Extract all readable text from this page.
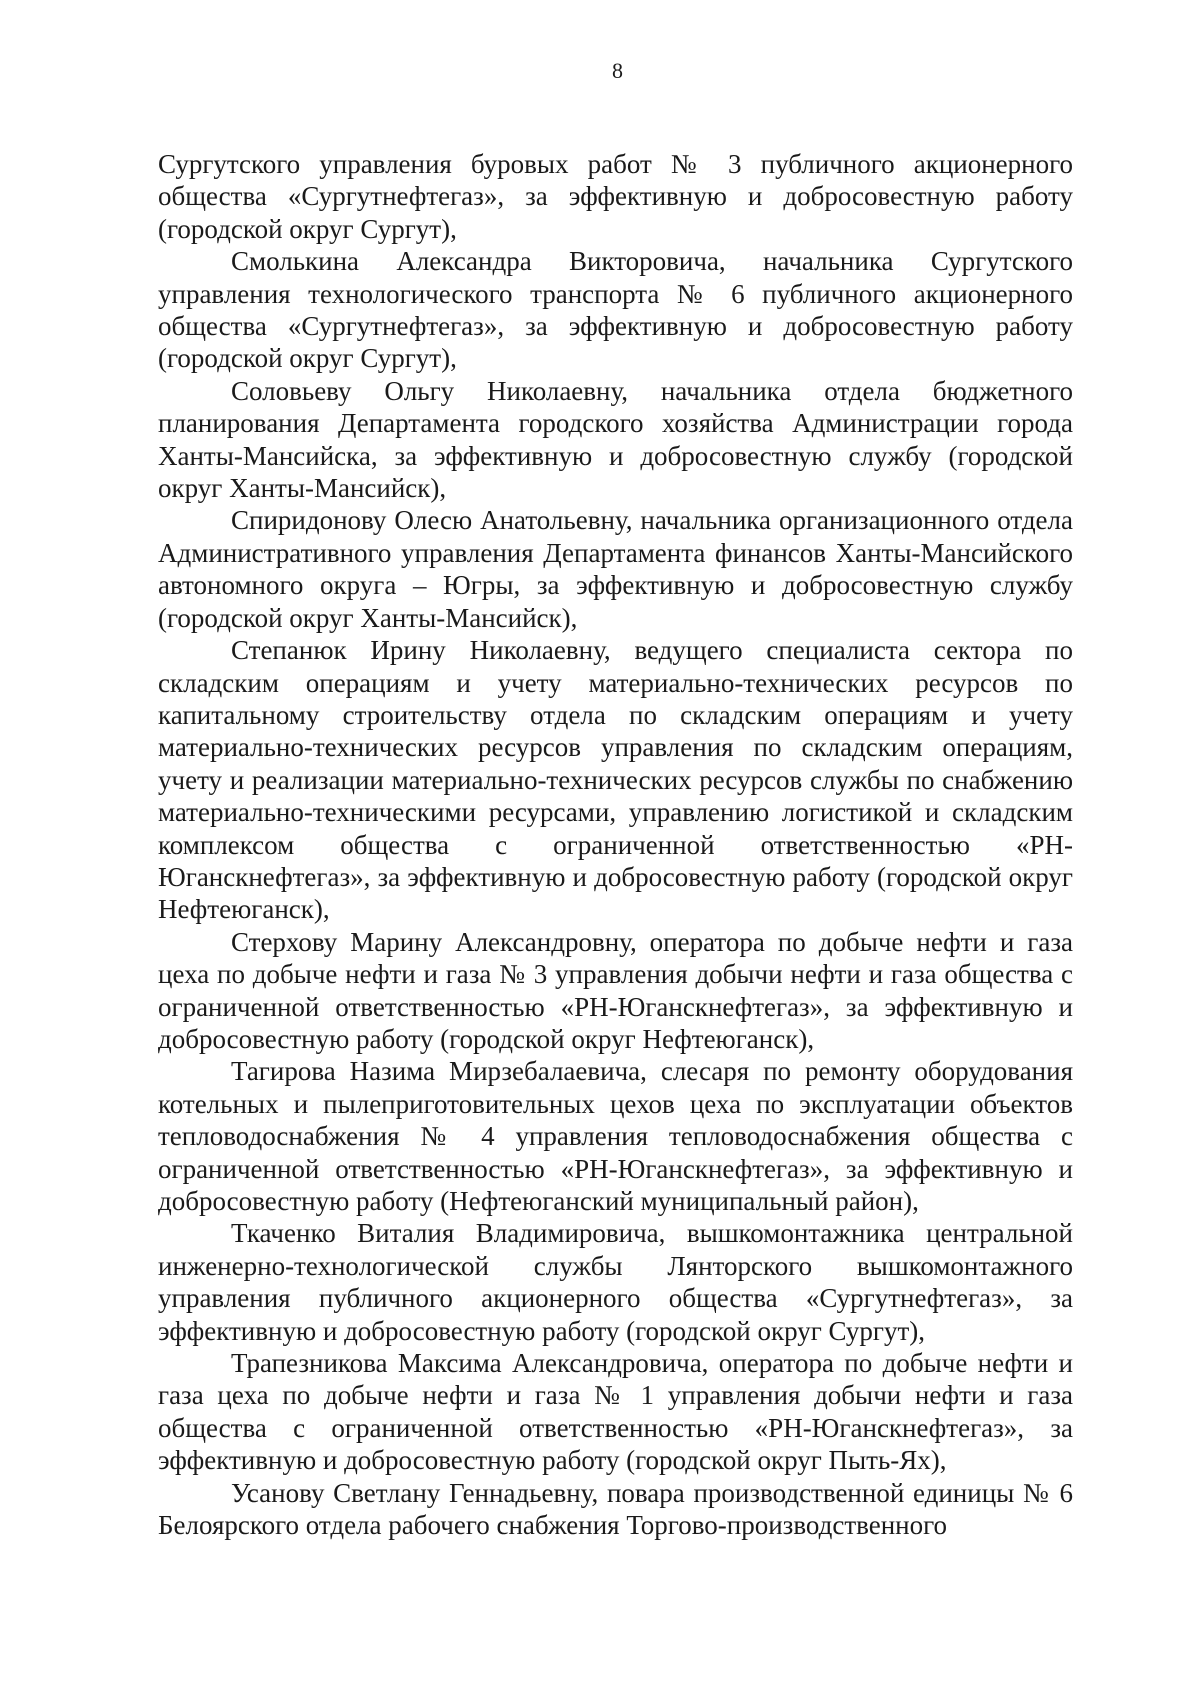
8

Сургутского управления буровых работ № 3 публичного акционерного общества «Сургутнефтегаз», за эффективную и добросовестную работу (городской округ Сургут),

Смолькина Александра Викторовича, начальника Сургутского управления технологического транспорта № 6 публичного акционерного общества «Сургутнефтегаз», за эффективную и добросовестную работу (городской округ Сургут),

Соловьеву Ольгу Николаевну, начальника отдела бюджетного планирования Департамента городского хозяйства Администрации города Ханты-Мансийска, за эффективную и добросовестную службу (городской округ Ханты-Мансийск),

Спиридонову Олесю Анатольевну, начальника организационного отдела Административного управления Департамента финансов Ханты-Мансийского автономного округа – Югры, за эффективную и добросовестную службу (городской округ Ханты-Мансийск),

Степанюк Ирину Николаевну, ведущего специалиста сектора по складским операциям и учету материально-технических ресурсов по капитальному строительству отдела по складским операциям и учету материально-технических ресурсов управления по складским операциям, учету и реализации материально-технических ресурсов службы по снабжению материально-техническими ресурсами, управлению логистикой и складским комплексом общества с ограниченной ответственностью «РН-Юганскнефтегаз», за эффективную и добросовестную работу (городской округ Нефтеюганск),

Стерхову Марину Александровну, оператора по добыче нефти и газа цеха по добыче нефти и газа № 3 управления добычи нефти и газа общества с ограниченной ответственностью «РН-Юганскнефтегаз», за эффективную и добросовестную работу (городской округ Нефтеюганск),

Тагирова Назима Мирзебалаевича, слесаря по ремонту оборудования котельных и пылеприготовительных цехов цеха по эксплуатации объектов тепловодоснабжения № 4 управления тепловодоснабжения общества с ограниченной ответственностью «РН-Юганскнефтегаз», за эффективную и добросовестную работу (Нефтеюганский муниципальный район),

Ткаченко Виталия Владимировича, вышкомонтажника центральной инженерно-технологической службы Лянторского вышкомонтажного управления публичного акционерного общества «Сургутнефтегаз», за эффективную и добросовестную работу (городской округ Сургут),

Трапезникова Максима Александровича, оператора по добыче нефти и газа цеха по добыче нефти и газа № 1 управления добычи нефти и газа общества с ограниченной ответственностью «РН-Юганскнефтегаз», за эффективную и добросовестную работу (городской округ Пыть-Ях),

Усанову Светлану Геннадьевну, повара производственной единицы № 6 Белоярского отдела рабочего снабжения Торгово-производственного
